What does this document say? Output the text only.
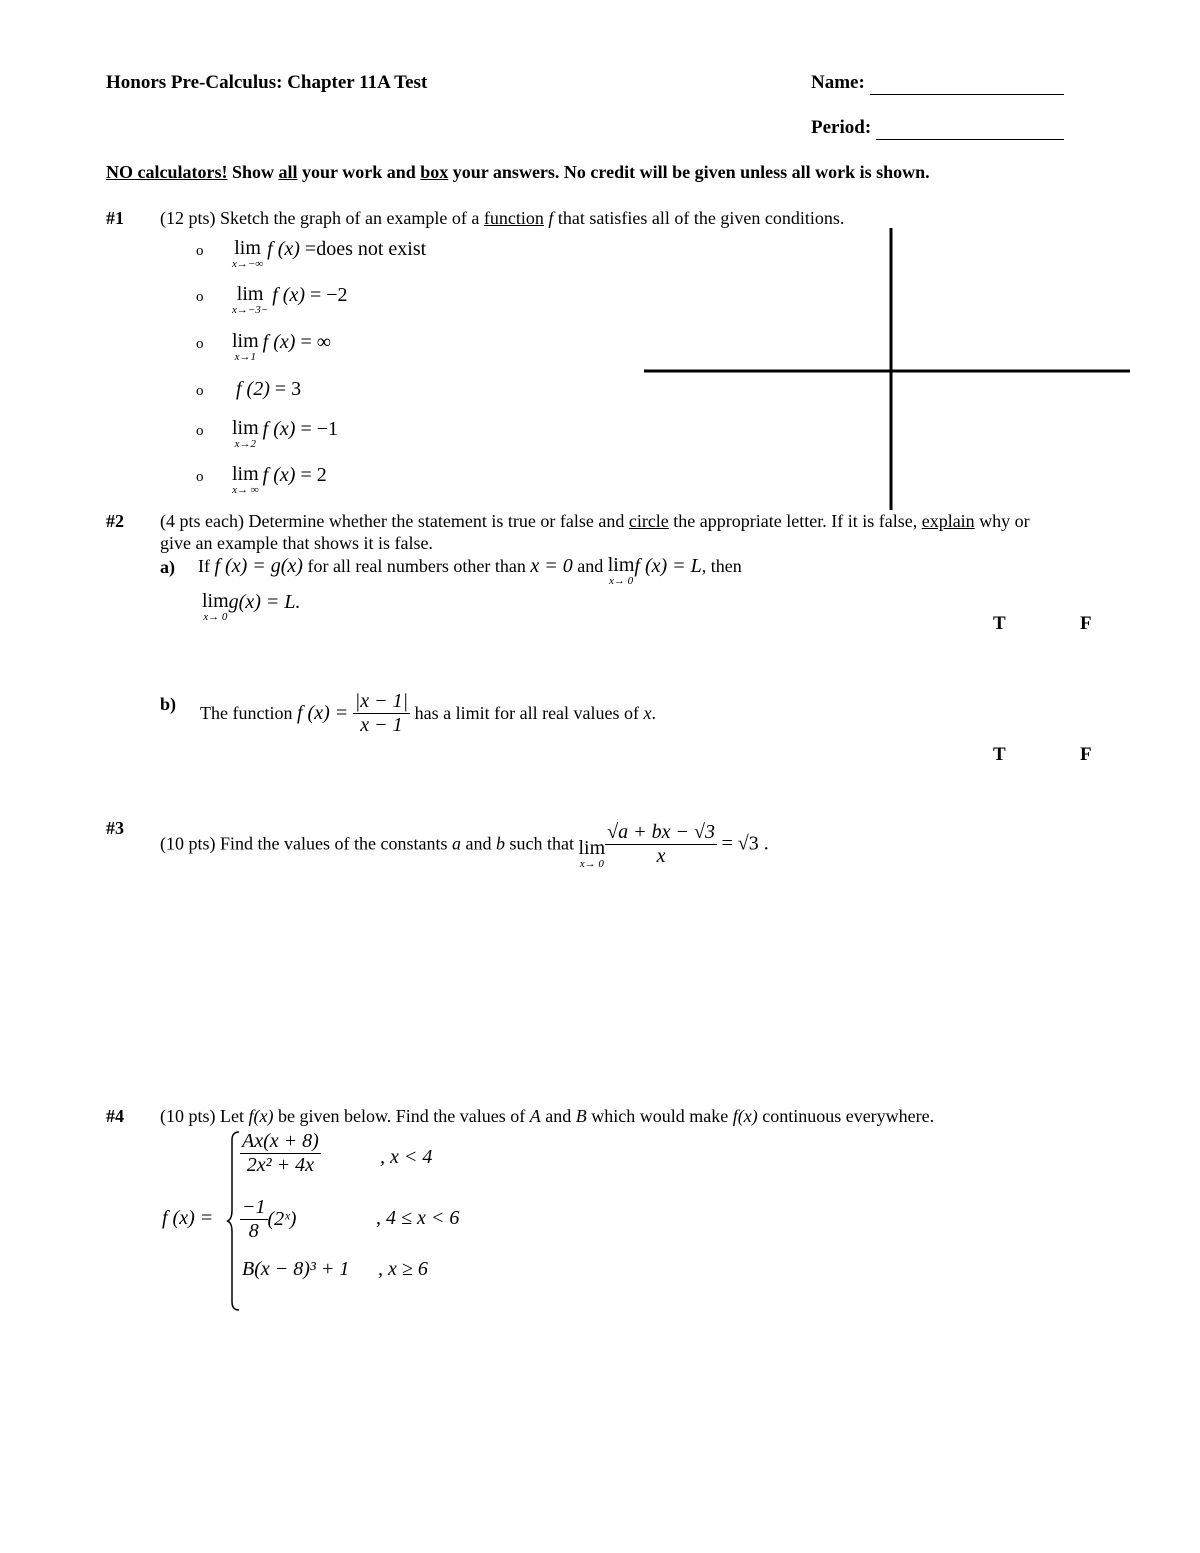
Honors Pre-Calculus: Chapter 11A Test	Name:
Period:
NO calculators! Show all your work and box your answers. No credit will be given unless all work is shown.
#1 (12 pts) Sketch the graph of an example of a function f that satisfies all of the given conditions.
o lim
x→−∞
f (x) =does not exist
o lim
x→−3−
f (x) = −2
o lim
x→1
f (x) = ∞
o f (2) = 3
o lim
x→2
f (x) = −1
o lim
x→ ∞
f (x) = 2
#2 (4 pts each) Determine whether the statement is true or false and circle the appropriate letter. If it is false, explain why or
give an example that shows it is false.
a) If f (x) = g(x) for all real numbers other than x = 0 and lim
x→ 0
f (x) = L, then
lim
x→ 0
g(x) = L.
T	F
b) The function f $(x) = \frac{|x - 1|}{x - 1}$ has a limit for all real values of x.
T	F
#3
(10 pts) Find the values of the constants a and b such that lim
$x\to 0 \frac{√a + bx - √3}{x} = √3$ .
#4 (10 pts) Let f(x) be given below. Find the values of A and B which would make f(x) continuous everywhere.
f (x) =
$\frac{Ax(x + 8)}{\text{2x² + 4x}}$	, x < 4
$\frac{-1}{8}$ (2ˣ)	, 4 ≤ x < 6
B(x − 8)³ + 1 , x ≥ 6
